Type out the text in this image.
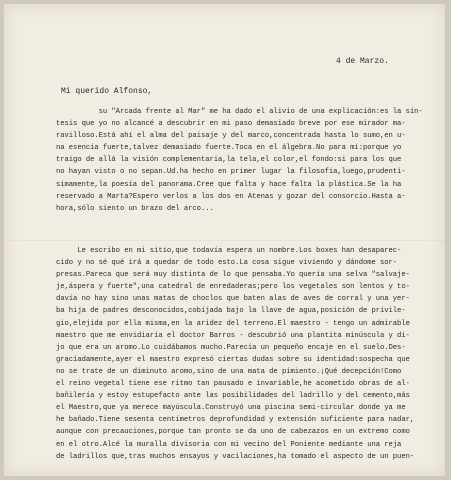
4 de Marzo.
Mi querido Alfonso,
su "Arcada frente al Mar" me ha dado el alivio de una explicación:es la sín-
tesis que yo no alcancé a descubrir en mi paso demasiado breve por ese mirador ma-
ravilloso.Está ahí el alma del paisaje y del marco,concentrada hasta lo sumo,en u-
na esencia fuerte,talvez demasiado fuerte.Toca en el álgebra.No para mí:porque yo
traigo de allá la visión complementaria,la tela,el color,el fondo:si para los que
no hayan visto o no sepan.Ud.ha hecho en primer lugar la filosofía,luego,prudentí-
simamente,la poesía del panorama.Cree que falta y hace falta la plástica.Se la ha
reservado a Marta?Espero verlos a los dos en Atenas y gozar del consorcio.Hasta a-
hora,sólo siento un brazo del arco...
Le escribo en mi sitio,que todavía espera un nombre.Los boxes han desaparec-
cido y no sé qué irá a quedar de todo esto.La cosa sigue viviendo y dándome sor-
presas.Pareca que será muy distinta de lo que pensaba.Yo quería una selva "salvaje-
je,áspera y fuerte",una catedral de enredaderas;pero los vegetales son lentos y to-
davía no hay sino unas matas de choclos que baten alas de aves de corral y una yer-
ba hija de padres desconocidos,cobijada bajo la llave de agua,posición de privile-
gio,elejida por ella misma,en la aridez del terreno.El maestro - tengo un admirable
maestro que me envidiaría el doctor Barros - descubrió una plantita minúscula y di-
jo que era un aromo.Lo cuidábamos mucho.Parecía un pequeño encaje en el suelo.Des-
graciadamente,ayer el maestro expresó ciertas dudas sobre su identidad:sospecha que
no se trate de un diminuto aromo,sino de una mata de pimiento.¡Qué decepción!Como
el reino vegetal tiene ese ritmo tan pausado e invariable,he acometido obras de al-
bañilería y estoy estupefacto ante las posibilidades del ladrillo y del cemento,más
el Maestro,que ya merece mayúscula.Construyó una piscina semi-circular donde ya me
he bañado.Tiene sesenta centímetros deprofundidad y extensión suficiente para nadar,
aunque con precauciones,porque tan pronto se da uno de cabezazos en un extremo como
en el otro.Alcé la muralla divisoria con mi vecino del Poniente mediante una reja
de ladrillos que,tras muchos ensayos y vacilaciones,ha tomado el aspecto de un puen-
